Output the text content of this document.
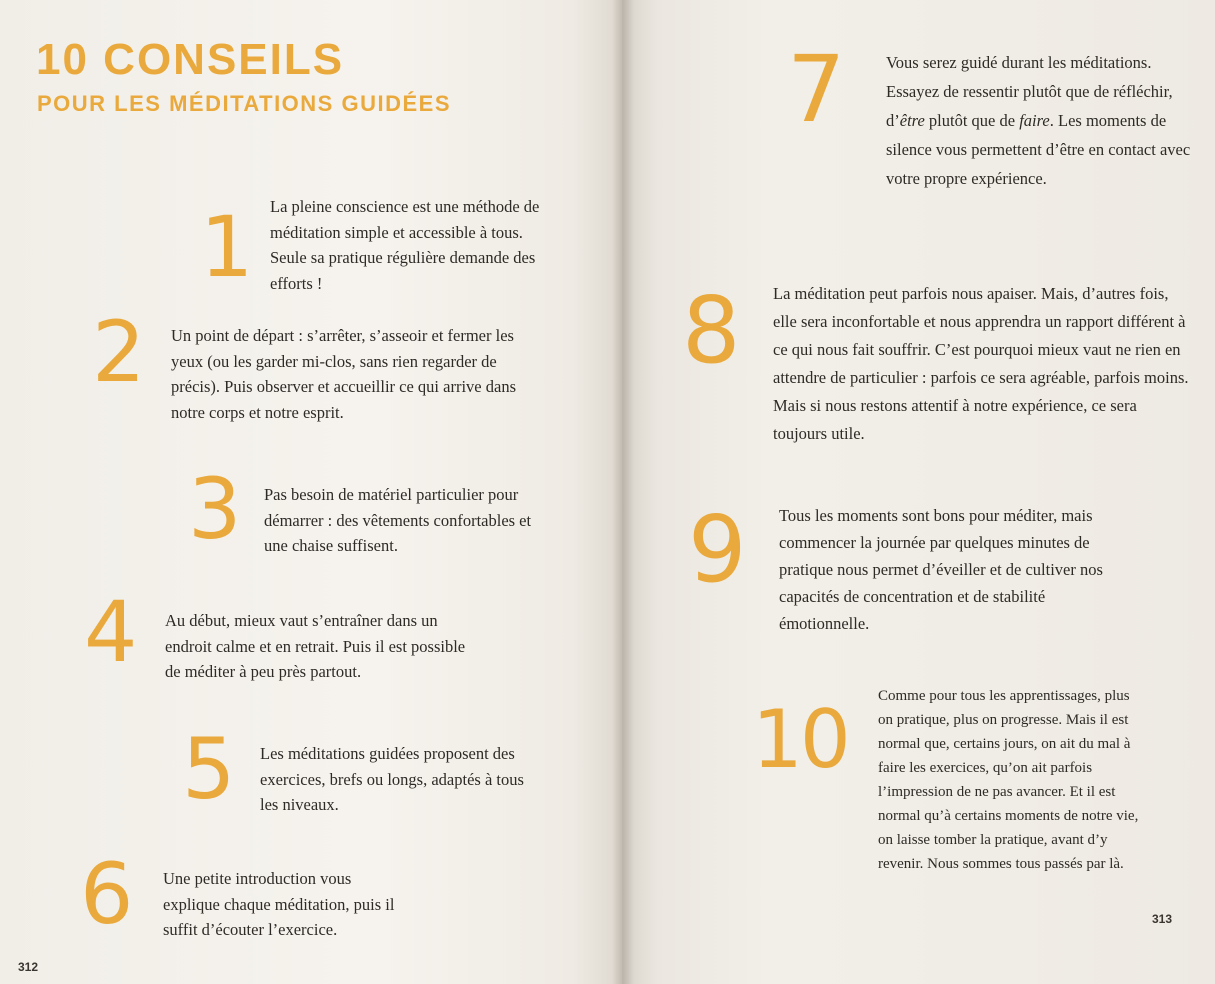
10 CONSEILS
POUR LES MÉDITATIONS GUIDÉES
1 La pleine conscience est une méthode de méditation simple et accessible à tous. Seule sa pratique régulière demande des efforts !

2 Un point de départ : s’arrêter, s’asseoir et fermer les yeux (ou les garder mi-clos, sans rien regarder de précis). Puis observer et accueillir ce qui arrive dans notre corps et notre esprit.

3 Pas besoin de matériel particulier pour démarrer : des vêtements confortables et une chaise suffisent.

4 Au début, mieux vaut s’entraîner dans un endroit calme et en retrait. Puis il est possible de méditer à peu près partout.

5 Les méditations guidées proposent des exercices, brefs ou longs, adaptés à tous les niveaux.

6 Une petite introduction vous explique chaque méditation, puis il suffit d’écouter l’exercice.

312
7 Vous serez guidé durant les méditations. Essayez de ressentir plutôt que de réfléchir, d’être plutôt que de faire. Les moments de silence vous permettent d’être en contact avec votre propre expérience.

8 La méditation peut parfois nous apaiser. Mais, d’autres fois, elle sera inconfortable et nous apprendra un rapport différent à ce qui nous fait souffrir. C’est pourquoi mieux vaut ne rien en attendre de particulier : parfois ce sera agréable, parfois moins. Mais si nous restons attentif à notre expérience, ce sera toujours utile.

9 Tous les moments sont bons pour méditer, mais commencer la journée par quelques minutes de pratique nous permet d’éveiller et de cultiver nos capacités de concentration et de stabilité émotionnelle.

10 Comme pour tous les apprentissages, plus on pratique, plus on progresse. Mais il est normal que, certains jours, on ait du mal à faire les exercices, qu’on ait parfois l’impression de ne pas avancer. Et il est normal qu’à certains moments de notre vie, on laisse tomber la pratique, avant d’y revenir. Nous sommes tous passés par là.

313
